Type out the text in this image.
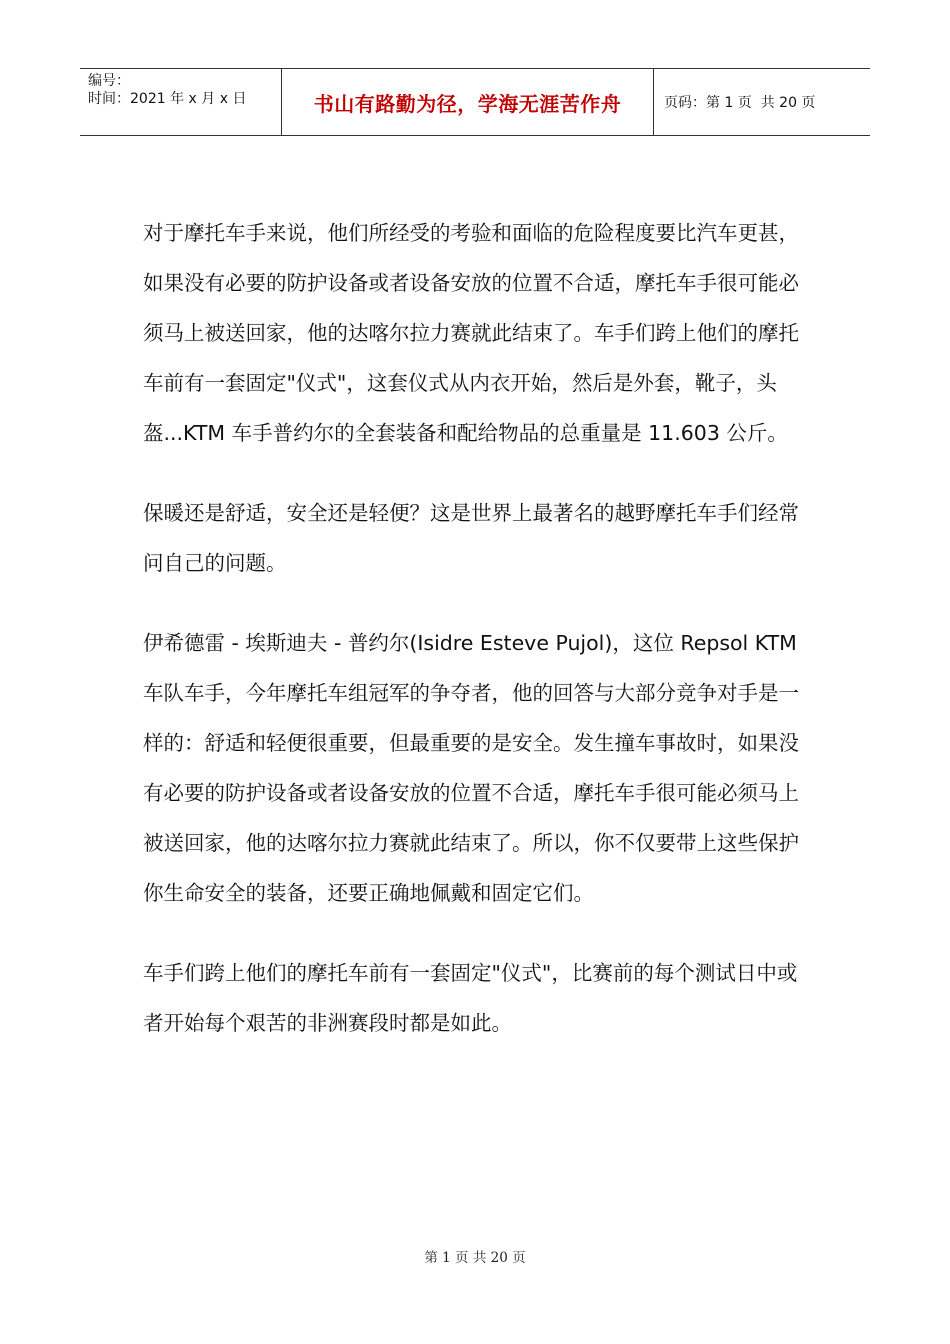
编号：
时间：2021 年 x 月 x 日	书山有路勤为径，学海无涯苦作舟	页码：第 1 页  共 20 页

对于摩托车手来说，他们所经受的考验和面临的危险程度要比汽车更甚，如果没有必要的防护设备或者设备安放的位置不合适，摩托车手很可能必须马上被送回家，他的达喀尔拉力赛就此结束了。车手们跨上他们的摩托车前有一套固定"仪式"，这套仪式从内衣开始，然后是外套，靴子，头盔...KTM 车手普约尔的全套装备和配给物品的总重量是 11.603 公斤。

保暖还是舒适，安全还是轻便？这是世界上最著名的越野摩托车手们经常问自己的问题。

伊希德雷 - 埃斯迪夫 - 普约尔(Isidre Esteve Pujol)，这位 Repsol KTM 车队车手，今年摩托车组冠军的争夺者，他的回答与大部分竞争对手是一样的：舒适和轻便很重要，但最重要的是安全。发生撞车事故时，如果没有必要的防护设备或者设备安放的位置不合适，摩托车手很可能必须马上被送回家，他的达喀尔拉力赛就此结束了。所以，你不仅要带上这些保护你生命安全的装备，还要正确地佩戴和固定它们。

车手们跨上他们的摩托车前有一套固定"仪式"，比赛前的每个测试日中或者开始每个艰苦的非洲赛段时都是如此。

第 1 页 共 20 页
